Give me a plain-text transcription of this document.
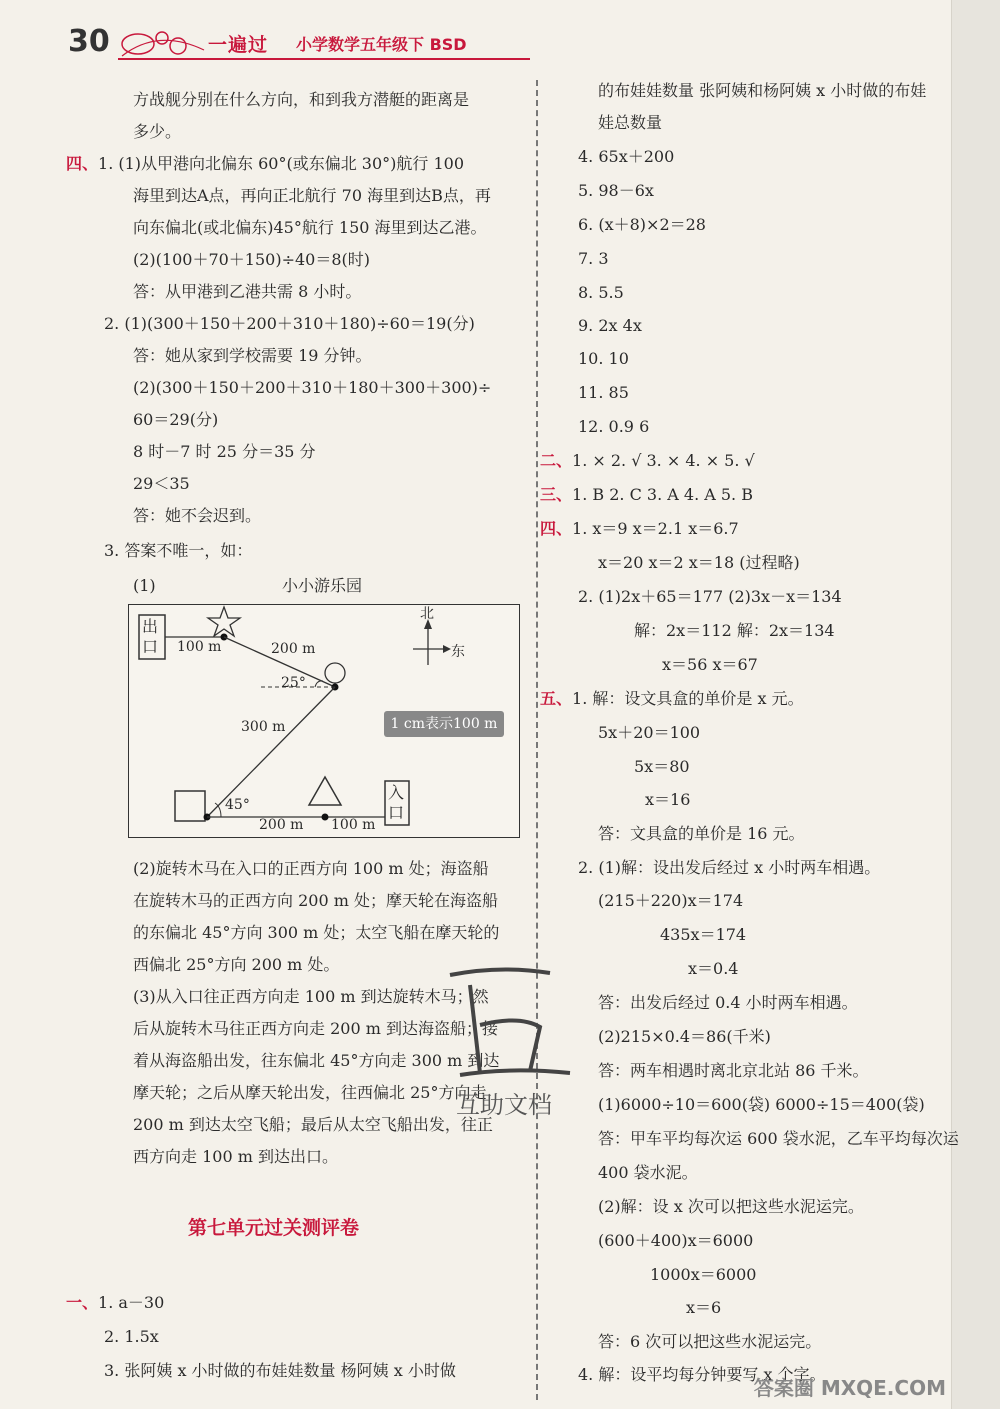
30	一遍过 小学数学五年级下 BSD
方战舰分别在什么方向，和到我方潜艇的距离是
多少。
四、1. (1)从甲港向北偏东 60°(或东偏北 30°)航行 100
海里到达A点，再向正北航行 70 海里到达B点，再
向东偏北(或北偏东)45°航行 150 海里到达乙港。
(2)(100＋70＋150)÷40＝8(时)
答：从甲港到乙港共需 8 小时。
2. (1)(300＋150＋200＋310＋180)÷60＝19(分)
答：她从家到学校需要 19 分钟。
(2)(300＋150＋200＋310＋180＋300＋300)÷
60＝29(分)
8 时－7 时 25 分＝35 分
29＜35
答：她不会迟到。
3. 答案不唯一，如：
(1)	小小游乐园
(2)旋转木马在入口的正西方向 100 m 处；海盗船
在旋转木马的正西方向 200 m 处；摩天轮在海盗船
的东偏北 45°方向 300 m 处；太空飞船在摩天轮的
西偏北 25°方向 200 m 处。
(3)从入口往正西方向走 100 m 到达旋转木马；然
后从旋转木马往正西方向走 200 m 到达海盗船；接
着从海盗船出发，往东偏北 45°方向走 300 m 到达
摩天轮；之后从摩天轮出发，往西偏北 25°方向走
200 m 到达太空飞船；最后从太空飞船出发，往正
西方向走 100 m 到达出口。
一、1. a－30
2. 1.5x
3. 张阿姨 x 小时做的布娃娃数量 杨阿姨 x 小时做
的布娃娃数量 张阿姨和杨阿姨 x 小时做的布娃
娃总数量
4. 65x＋200
5. 98－6x
6. (x＋8)×2＝28
7. 3
8. 5.5
9. 2x 4x
10. 10
11. 85
12. 0.9 6
二、1. × 2. √ 3. × 4. × 5. √
三、1. B 2. C 3. A 4. A 5. B
四、1. x＝9 x＝2.1 x＝6.7
x＝20 x＝2 x＝18 (过程略)
2. (1)2x＋65＝177 (2)3x－x＝134
解：2x＝112 解：2x＝134
x＝56 x＝67
五、1. 解：设文具盒的单价是 x 元。
5x＋20＝100
5x＝80
x＝16
答：文具盒的单价是 16 元。
2. (1)解：设出发后经过 x 小时两车相遇。
(215＋220)x＝174
435x＝174
x＝0.4
答：出发后经过 0.4 小时两车相遇。
(2)215×0.4＝86(千米)
答：两车相遇时离北京北站 86 千米。
(1)6000÷10＝600(袋) 6000÷15＝400(袋)
答：甲车平均每次运 600 袋水泥，乙车平均每次运
400 袋水泥。
(2)解：设 x 次可以把这些水泥运完。
(600＋400)x＝6000
1000x＝6000
x＝6
答：6 次可以把这些水泥运完。
4. 解：设平均每分钟要写 x 个字。
第七单元过关测评卷
出口
入口
北
东
100 m	200 m
25°
300 m
45°
200 m 100 m
1 cm表示100 m
互助文档
答案圈 MXQE.COM
